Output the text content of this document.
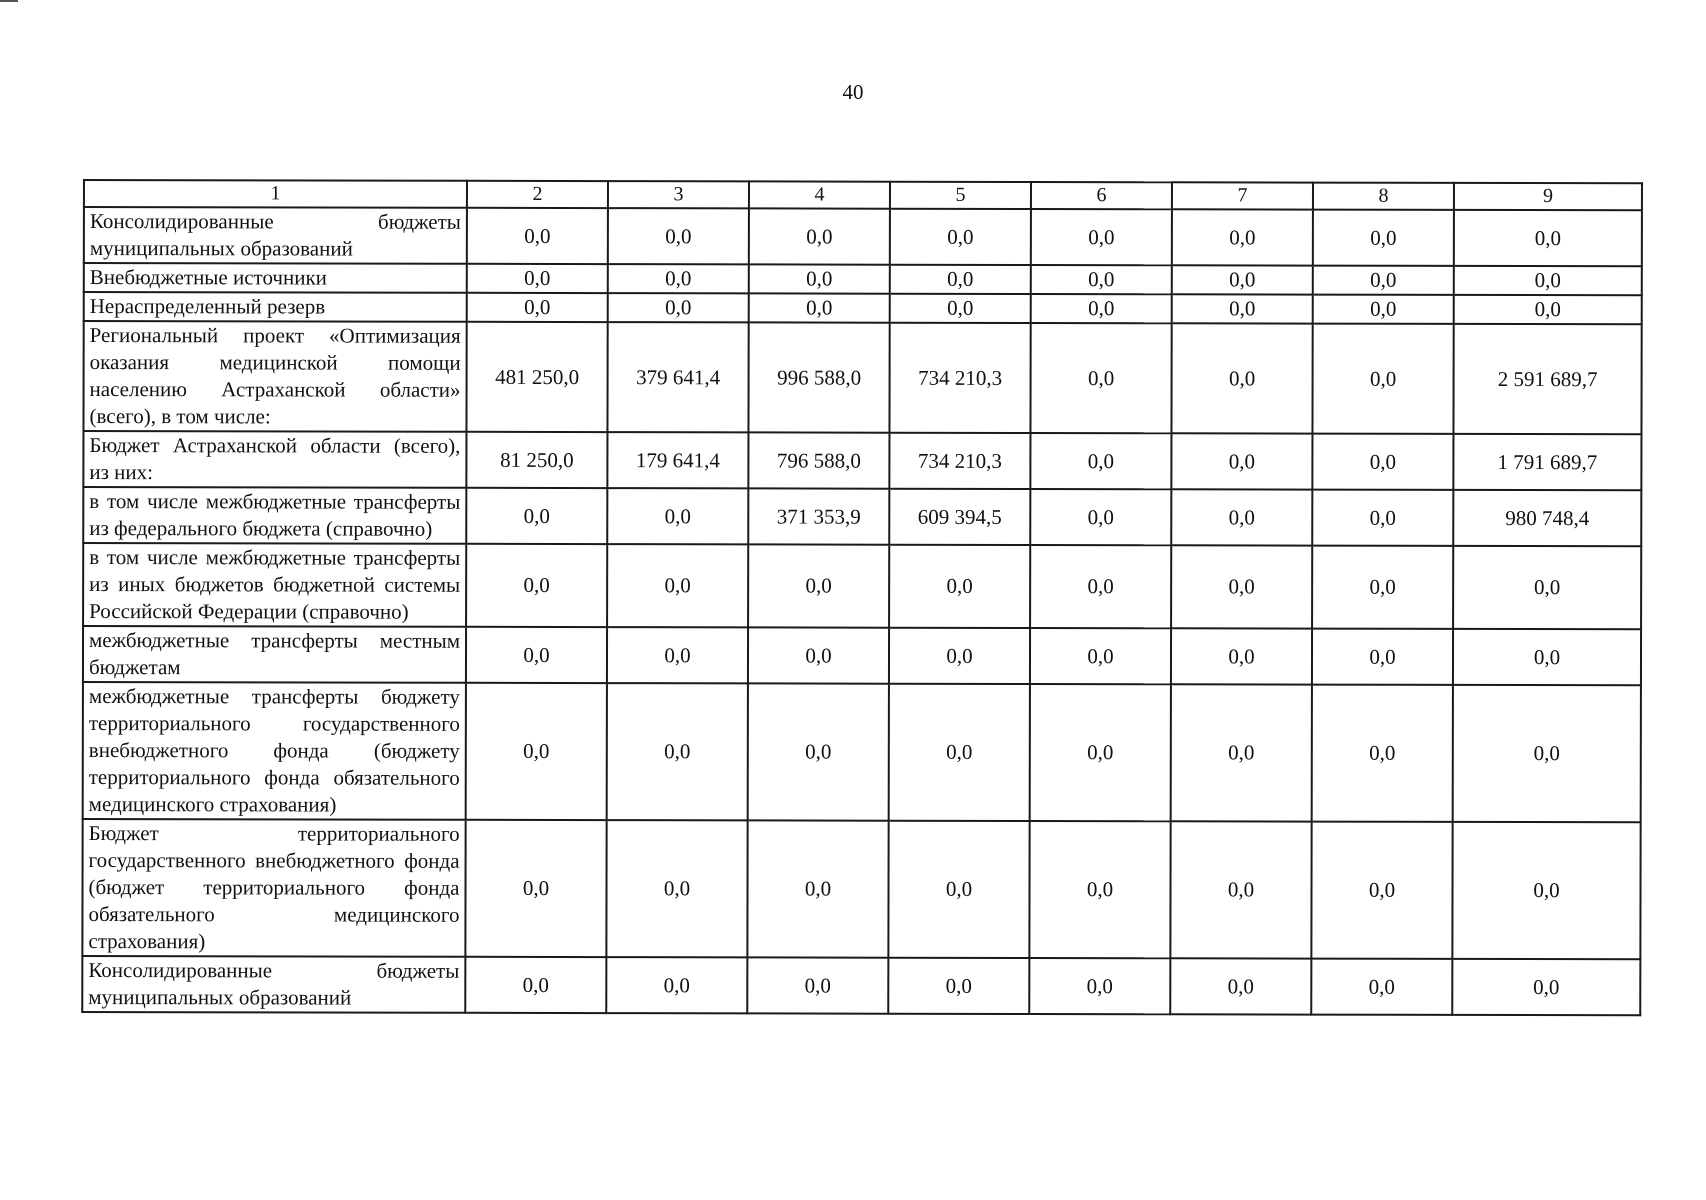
40
1	2	3	4	5	6	7	8	9
Консолидированные бюджеты муниципальных образований	0,0	0,0	0,0	0,0	0,0	0,0	0,0	0,0
Внебюджетные источники	0,0	0,0	0,0	0,0	0,0	0,0	0,0	0,0
Нераспределенный резерв	0,0	0,0	0,0	0,0	0,0	0,0	0,0	0,0
Региональный проект «Оптимизация оказания медицинской помощи населению Астраханской области» (всего), в том числе:	481 250,0	379 641,4	996 588,0	734 210,3	0,0	0,0	0,0	2 591 689,7
Бюджет Астраханской области (всего), из них:	81 250,0	179 641,4	796 588,0	734 210,3	0,0	0,0	0,0	1 791 689,7
в том числе межбюджетные трансферты из федерального бюджета (справочно)	0,0	0,0	371 353,9	609 394,5	0,0	0,0	0,0	980 748,4
в том числе межбюджетные трансферты из иных бюджетов бюджетной системы Российской Федерации (справочно)	0,0	0,0	0,0	0,0	0,0	0,0	0,0	0,0
межбюджетные трансферты местным бюджетам	0,0	0,0	0,0	0,0	0,0	0,0	0,0	0,0
межбюджетные трансферты бюджету территориального государственного внебюджетного фонда (бюджету территориального фонда обязательного медицинского страхования)	0,0	0,0	0,0	0,0	0,0	0,0	0,0	0,0
Бюджет территориального государственного внебюджетного фонда (бюджет территориального фонда обязательного медицинского страхования)	0,0	0,0	0,0	0,0	0,0	0,0	0,0	0,0
Консолидированные бюджеты муниципальных образований	0,0	0,0	0,0	0,0	0,0	0,0	0,0	0,0
